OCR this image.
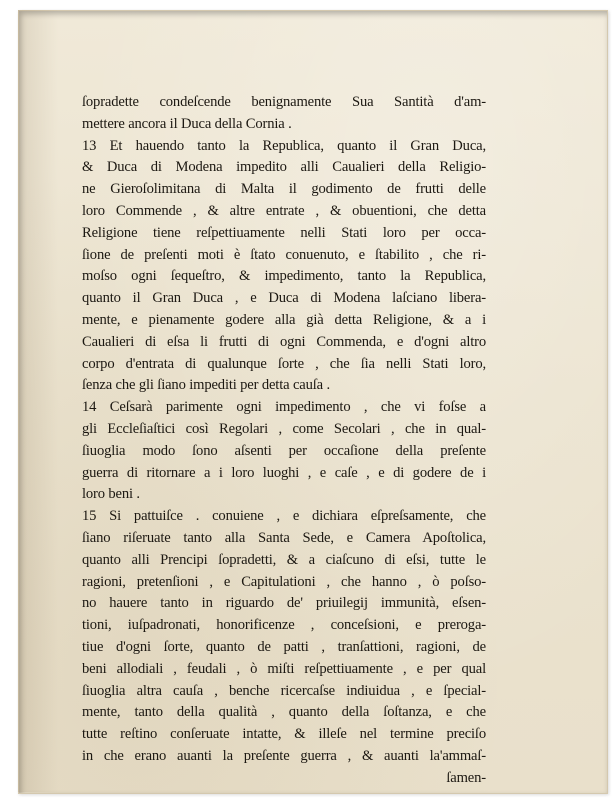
ſopradette condeſcende benignamente Sua Santità d'am-
mettere ancora il Duca della Cornia .
13 Et hauendo tanto la Republica, quanto il Gran Duca,
& Duca di Modena impedito alli Caualieri della Religio-
ne Gieroſolimitana di Malta il godimento de frutti delle
loro Commende , & altre entrate , & obuentioni, che detta
Religione tiene reſpettiuamente nelli Stati loro per occa-
ſione de preſenti moti è ſtato conuenuto, e ſtabilito , che ri-
moſso ogni ſequeſtro, & impedimento, tanto la Republica,
quanto il Gran Duca , e Duca di Modena laſciano libera-
mente, e pienamente godere alla già detta Religione, & a i
Caualieri di eſsa li frutti di ogni Commenda, e d'ogni altro
corpo d'entrata di qualunque ſorte , che ſia nelli Stati loro,
ſenza che gli ſiano impediti per detta cauſa .
14 Ceſsarà parimente ogni impedimento , che vi foſse a
gli Eccleſiaſtici così Regolari , come Secolari , che in qual-
ſiuoglia modo ſono aſsenti per occaſione della preſente
guerra di ritornare a i loro luoghi , e caſe , e di godere de i
loro beni .
15 Si pattuiſce . conuiene , e dichiara eſpreſsamente, che
ſiano riſeruate tanto alla Santa Sede, e Camera Apoſtolica,
quanto alli Prencipi ſopradetti, & a ciaſcuno di eſsi, tutte le
ragioni, pretenſioni , e Capitulationi , che hanno , ò poſso-
no hauere tanto in riguardo de' priuilegij immunità, eſsen-
tioni, iuſpadronati, honorificenze , conceſsioni, e preroga-
tiue d'ogni ſorte, quanto de patti , tranſattioni, ragioni, de
beni allodiali , feudali , ò miſti reſpettiuamente , e per qual
ſiuoglia altra cauſa , benche ricercaſse indiuidua , e ſpecial-
mente, tanto della qualità , quanto della ſoſtanza, e che
tutte reſtino conſeruate intatte, & illeſe nel termine preciſo
in che erano auanti la preſente guerra , & auanti la'ammaſ-
ſamen-
